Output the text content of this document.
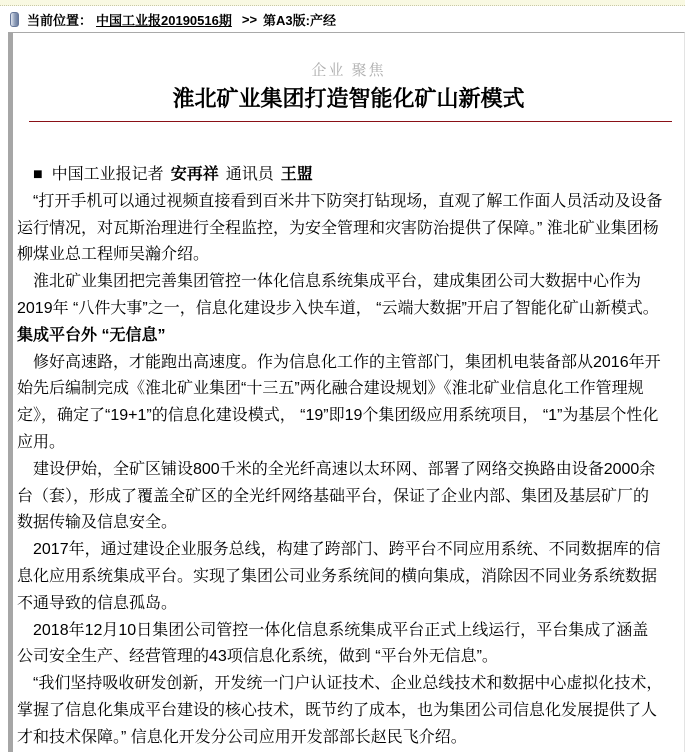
当前位置： 中国工业报20190516期 >> 第A3版:产经
企业 聚焦
淮北矿业集团打造智能化矿山新模式

■ 中国工业报记者 安再祥 通讯员 王盟

“打开手机可以通过视频直接看到百米井下防突打钻现场，直观了解工作面人员活动及设备运行情况，对瓦斯治理进行全程监控，为安全管理和灾害防治提供了保障。” 淮北矿业集团杨柳煤业总工程师吴瀚介绍。

淮北矿业集团把完善集团管控一体化信息系统集成平台，建成集团公司大数据中心作为2019年 “八件大事”之一，信息化建设步入快车道， “云端大数据”开启了智能化矿山新模式。

集成平台外 “无信息”

修好高速路，才能跑出高速度。作为信息化工作的主管部门，集团机电装备部从2016年开始先后编制完成《淮北矿业集团“十三五”两化融合建设规划》《淮北矿业信息化工作管理规定》，确定了“19+1”的信息化建设模式， “19”即19个集团级应用系统项目， “1”为基层个性化应用。

建设伊始，全矿区铺设800千米的全光纤高速以太环网、部署了网络交换路由设备2000余台（套），形成了覆盖全矿区的全光纤网络基础平台，保证了企业内部、集团及基层矿厂的数据传输及信息安全。

2017年，通过建设企业服务总线，构建了跨部门、跨平台不同应用系统、不同数据库的信息化应用系统集成平台。实现了集团公司业务系统间的横向集成，消除因不同业务系统数据不通导致的信息孤岛。

2018年12月10日集团公司管控一体化信息系统集成平台正式上线运行，平台集成了涵盖公司安全生产、经营管理的43项信息化系统，做到 “平台外无信息”。

“我们坚持吸收研发创新，开发统一门户认证技术、企业总线技术和数据中心虚拟化技术，掌握了信息化集成平台建设的核心技术，既节约了成本，也为集团公司信息化发展提供了人才和技术保障。” 信息化开发分公司应用开发部部长赵民飞介绍。
